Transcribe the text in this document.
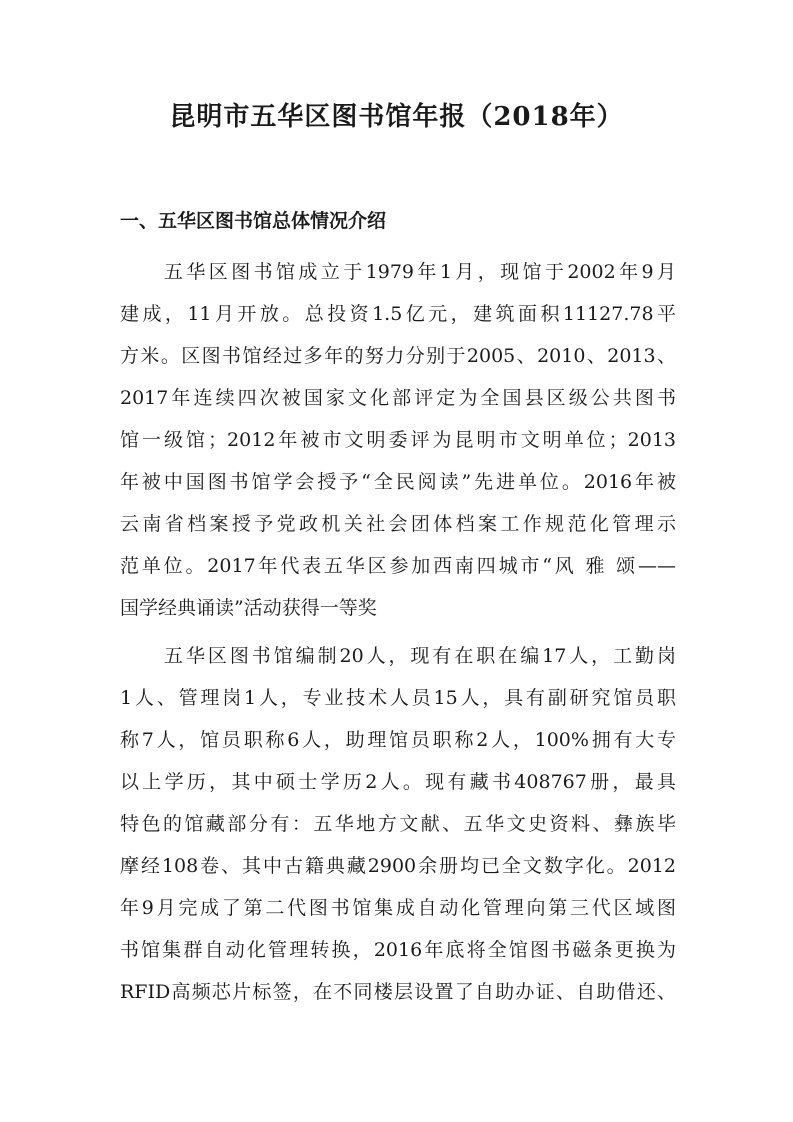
昆明市五华区图书馆年报（2018年）
一、五华区图书馆总体情况介绍

五华区图书馆成立于1979年1月，现馆于2002年9月

建成，11月开放。总投资1.5亿元，建筑面积11127.78平

方米。区图书馆经过多年的努力分别于2005、2010、2013、

2017年连续四次被国家文化部评定为全国县区级公共图书

馆一级馆；2012年被市文明委评为昆明市文明单位；2013

年被中国图书馆学会授予“全民阅读”先进单位。2016年被

云南省档案授予党政机关社会团体档案工作规范化管理示

范单位。2017年代表五华区参加西南四城市“风 雅 颂——

国学经典诵读”活动获得一等奖

五华区图书馆编制20人，现有在职在编17人，工勤岗

1人、管理岗1人，专业技术人员15人，具有副研究馆员职

称7人，馆员职称6人，助理馆员职称2人，100%拥有大专

以上学历，其中硕士学历2人。现有藏书408767册，最具

特色的馆藏部分有：五华地方文献、五华文史资料、彝族毕

摩经108卷、其中古籍典藏2900余册均已全文数字化。2012

年9月完成了第二代图书馆集成自动化管理向第三代区域图

书馆集群自动化管理转换，2016年底将全馆图书磁条更换为

RFID高频芯片标签，在不同楼层设置了自助办证、自助借还、
